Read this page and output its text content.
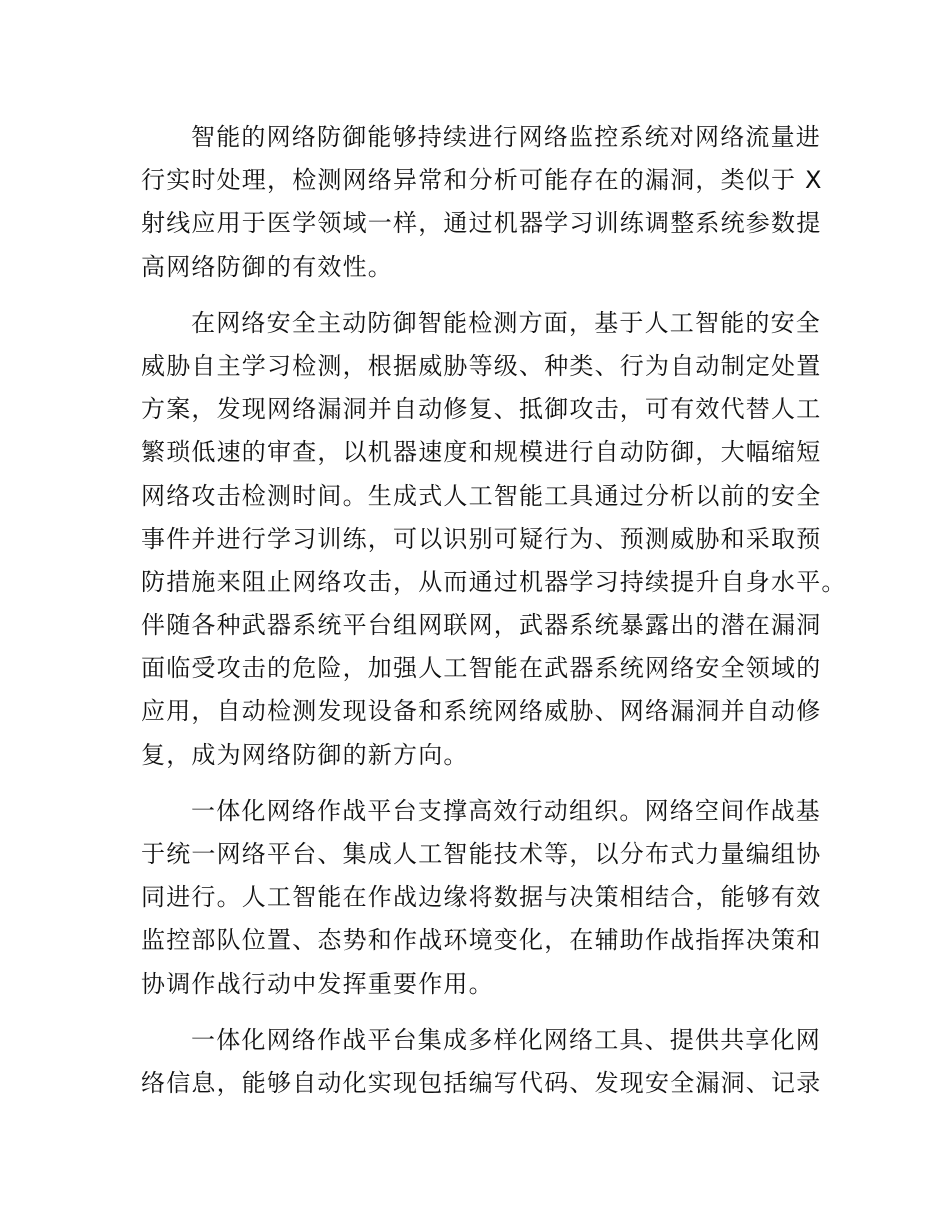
智能的网络防御能够持续进行网络监控系统对网络流量进
行实时处理，检测网络异常和分析可能存在的漏洞，类似于 X
射线应用于医学领域一样，通过机器学习训练调整系统参数提
高网络防御的有效性。

在网络安全主动防御智能检测方面，基于人工智能的安全
威胁自主学习检测，根据威胁等级、种类、行为自动制定处置
方案，发现网络漏洞并自动修复、抵御攻击，可有效代替人工
繁琐低速的审查，以机器速度和规模进行自动防御，大幅缩短
网络攻击检测时间。生成式人工智能工具通过分析以前的安全
事件并进行学习训练，可以识别可疑行为、预测威胁和采取预
防措施来阻止网络攻击，从而通过机器学习持续提升自身水平。
伴随各种武器系统平台组网联网，武器系统暴露出的潜在漏洞
面临受攻击的危险，加强人工智能在武器系统网络安全领域的
应用，自动检测发现设备和系统网络威胁、网络漏洞并自动修
复，成为网络防御的新方向。

一体化网络作战平台支撑高效行动组织。网络空间作战基
于统一网络平台、集成人工智能技术等，以分布式力量编组协
同进行。人工智能在作战边缘将数据与决策相结合，能够有效
监控部队位置、态势和作战环境变化，在辅助作战指挥决策和
协调作战行动中发挥重要作用。

一体化网络作战平台集成多样化网络工具、提供共享化网
络信息，能够自动化实现包括编写代码、发现安全漏洞、记录
